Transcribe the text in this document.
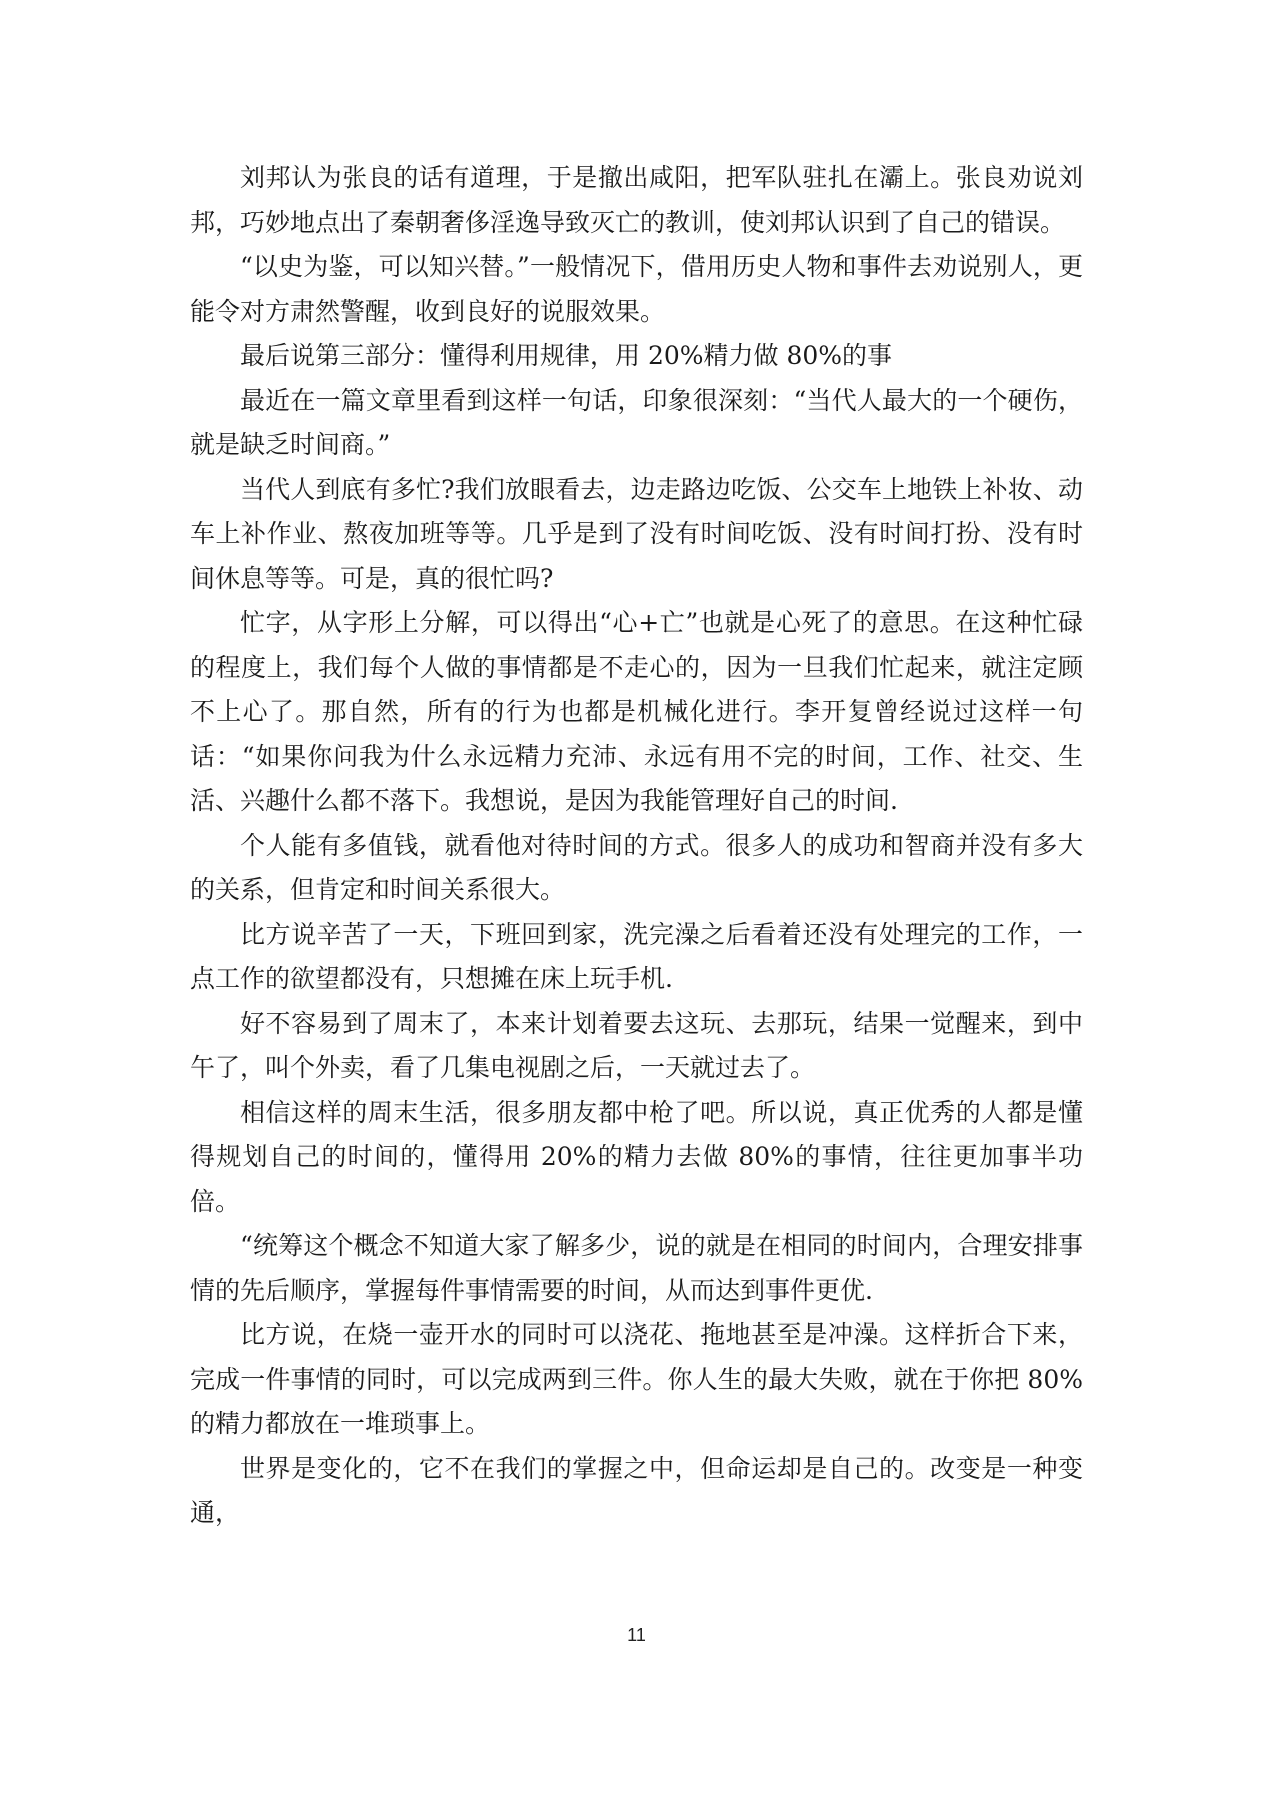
刘邦认为张良的话有道理，于是撤出咸阳，把军队驻扎在灞上。张良劝说刘邦，巧妙地点出了秦朝奢侈淫逸导致灭亡的教训，使刘邦认识到了自己的错误。

“以史为鉴，可以知兴替。”一般情况下，借用历史人物和事件去劝说别人，更能令对方肃然警醒，收到良好的说服效果。

最后说第三部分：懂得利用规律，用 20%精力做 80%的事

最近在一篇文章里看到这样一句话，印象很深刻：“当代人最大的一个硬伤，就是缺乏时间商。”

当代人到底有多忙?我们放眼看去，边走路边吃饭、公交车上地铁上补妆、动车上补作业、熬夜加班等等。几乎是到了没有时间吃饭、没有时间打扮、没有时间休息等等。可是，真的很忙吗?

忙字，从字形上分解，可以得出“心+亡”也就是心死了的意思。在这种忙碌的程度上，我们每个人做的事情都是不走心的，因为一旦我们忙起来，就注定顾不上心了。那自然，所有的行为也都是机械化进行。李开复曾经说过这样一句话：“如果你问我为什么永远精力充沛、永远有用不完的时间，工作、社交、生活、兴趣什么都不落下。我想说，是因为我能管理好自己的时间.

个人能有多值钱，就看他对待时间的方式。很多人的成功和智商并没有多大的关系，但肯定和时间关系很大。

比方说辛苦了一天，下班回到家，洗完澡之后看着还没有处理完的工作，一点工作的欲望都没有，只想摊在床上玩手机.

好不容易到了周末了，本来计划着要去这玩、去那玩，结果一觉醒来，到中午了，叫个外卖，看了几集电视剧之后，一天就过去了。

相信这样的周末生活，很多朋友都中枪了吧。所以说，真正优秀的人都是懂得规划自己的时间的，懂得用 20%的精力去做 80%的事情，往往更加事半功倍。

“统筹这个概念不知道大家了解多少，说的就是在相同的时间内，合理安排事情的先后顺序，掌握每件事情需要的时间，从而达到事件更优.

比方说，在烧一壶开水的同时可以浇花、拖地甚至是冲澡。这样折合下来，完成一件事情的同时，可以完成两到三件。你人生的最大失败，就在于你把 80%的精力都放在一堆琐事上。

世界是变化的，它不在我们的掌握之中，但命运却是自己的。改变是一种变通，

11
